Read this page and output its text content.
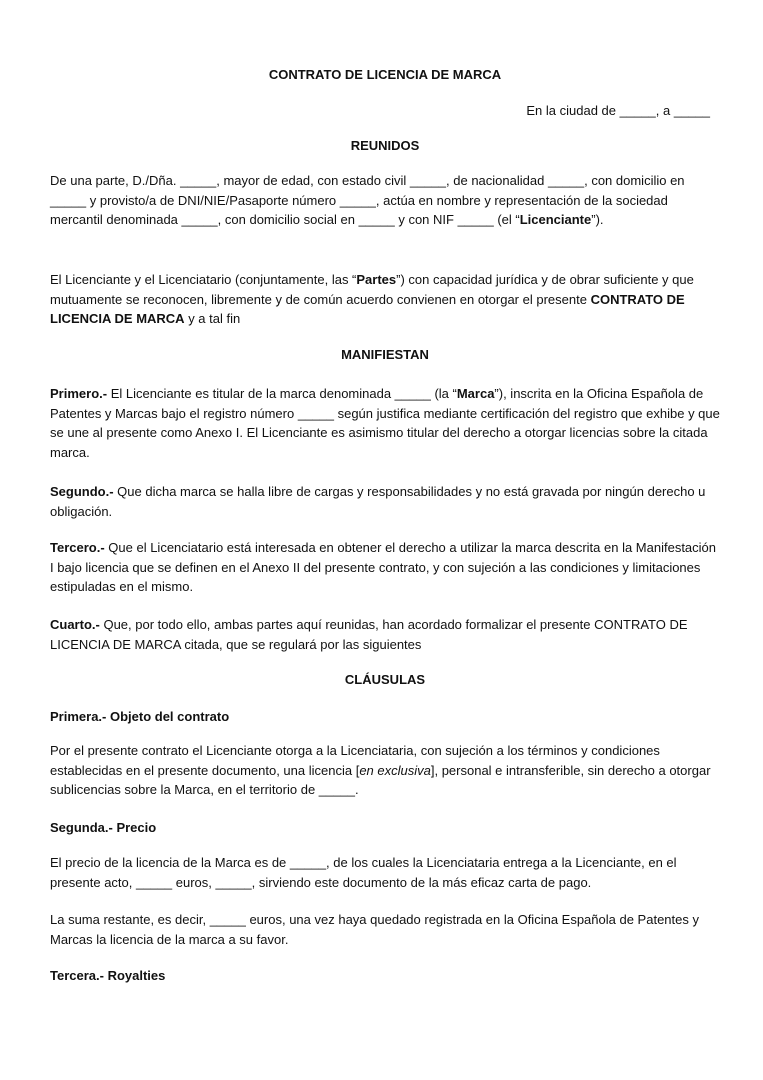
CONTRATO DE LICENCIA DE MARCA

En la ciudad de _____, a _____

REUNIDOS

De una parte, D./Dña. _____, mayor de edad, con estado civil _____, de nacionalidad _____, con domicilio en _____ y provisto/a de DNI/NIE/Pasaporte número _____, actúa en nombre y representación de la sociedad mercantil denominada _____, con domicilio social en _____ y con NIF _____ (el “Licenciante”).

El Licenciante y el Licenciatario (conjuntamente, las “Partes”) con capacidad jurídica y de obrar suficiente y que mutuamente se reconocen, libremente y de común acuerdo convienen en otorgar el presente CONTRATO DE LICENCIA DE MARCA y a tal fin

MANIFIESTAN

Primero.- El Licenciante es titular de la marca denominada _____ (la “Marca”), inscrita en la Oficina Española de Patentes y Marcas bajo el registro número _____ según justifica mediante certificación del registro que exhibe y que se une al presente como Anexo I. El Licenciante es asimismo titular del derecho a otorgar licencias sobre la citada marca.

Segundo.- Que dicha marca se halla libre de cargas y responsabilidades y no está gravada por ningún derecho u obligación.

Tercero.- Que el Licenciatario está interesada en obtener el derecho a utilizar la marca descrita en la Manifestación I bajo licencia que se definen en el Anexo II del presente contrato, y con sujeción a las condiciones y limitaciones estipuladas en el mismo.

Cuarto.- Que, por todo ello, ambas partes aquí reunidas, han acordado formalizar el presente CONTRATO DE LICENCIA DE MARCA citada, que se regulará por las siguientes

CLÁUSULAS

Primera.- Objeto del contrato

Por el presente contrato el Licenciante otorga a la Licenciataria, con sujeción a los términos y condiciones establecidas en el presente documento, una licencia [en exclusiva], personal e intransferible, sin derecho a otorgar sublicencias sobre la Marca, en el territorio de _____.

Segunda.- Precio

El precio de la licencia de la Marca es de _____, de los cuales la Licenciataria entrega a la Licenciante, en el presente acto, _____ euros, _____, sirviendo este documento de la más eficaz carta de pago.

La suma restante, es decir, _____ euros, una vez haya quedado registrada en la Oficina Española de Patentes y Marcas la licencia de la marca a su favor.

Tercera.- Royalties
